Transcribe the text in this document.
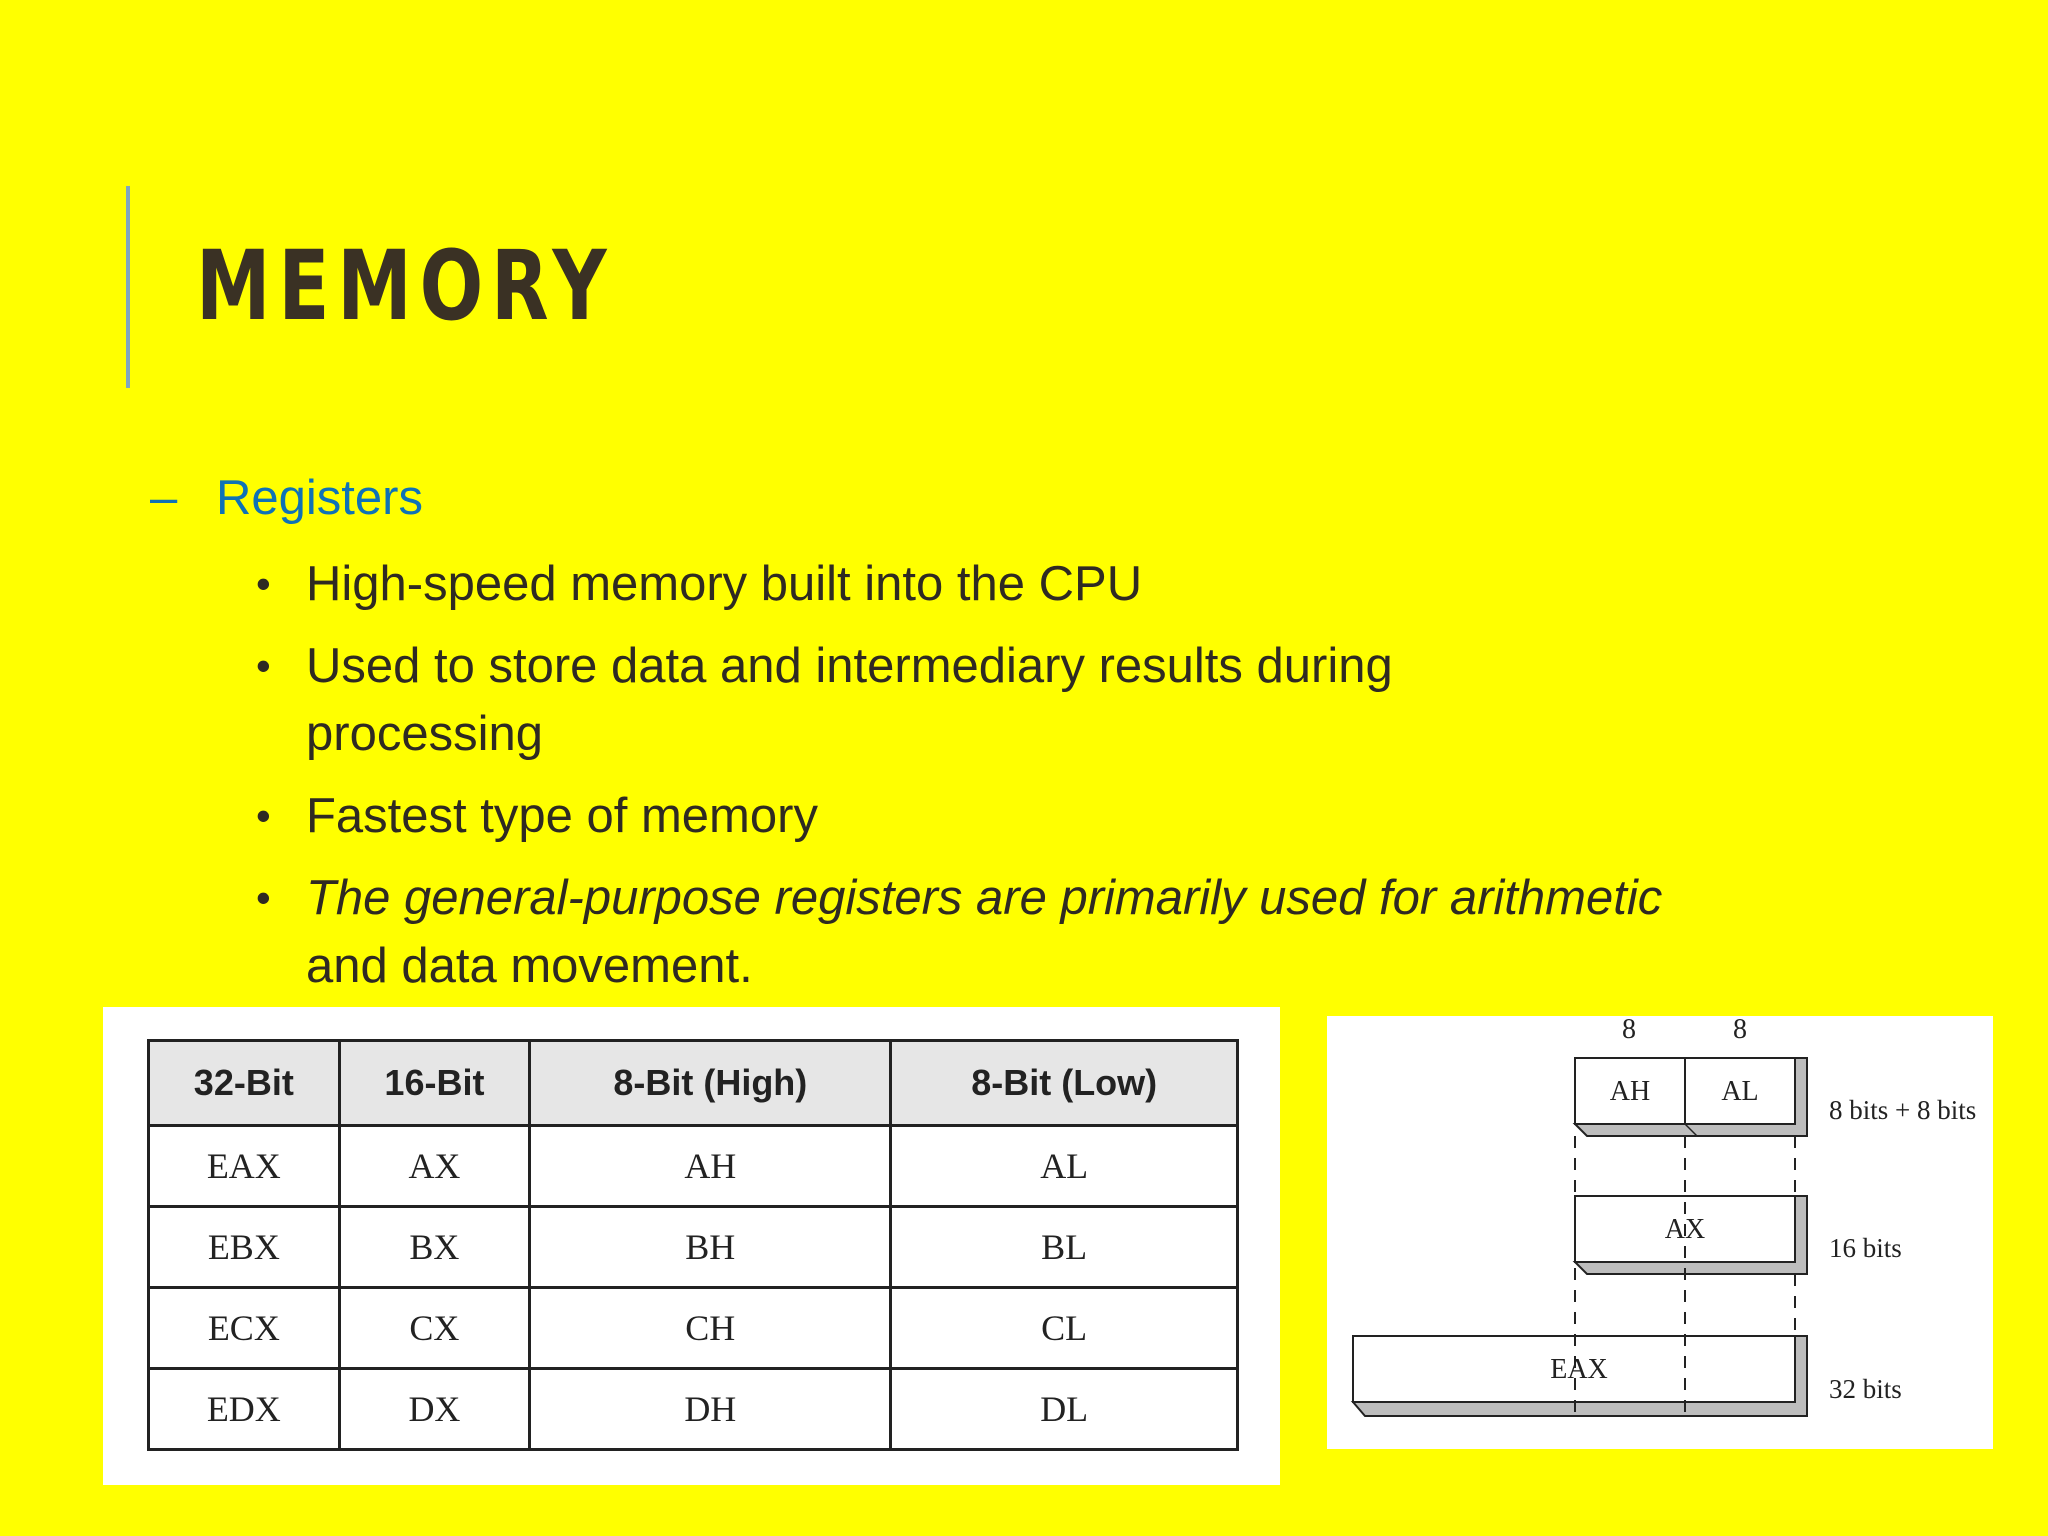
MEMORY
– Registers
• High-speed memory built into the CPU
• Used to store data and intermediary results during processing
• Fastest type of memory
• The general-purpose registers are primarily used for arithmetic
and data movement.
32-Bit	16-Bit	8-Bit (High)	8-Bit (Low)
EAX	AX	AH	AL
EBX	BX	BH	BL
ECX	CX	CH	CL
EDX	DX	DH	DL
8	8
AH	AL
8 bits + 8 bits
AX
16 bits
EAX
32 bits
